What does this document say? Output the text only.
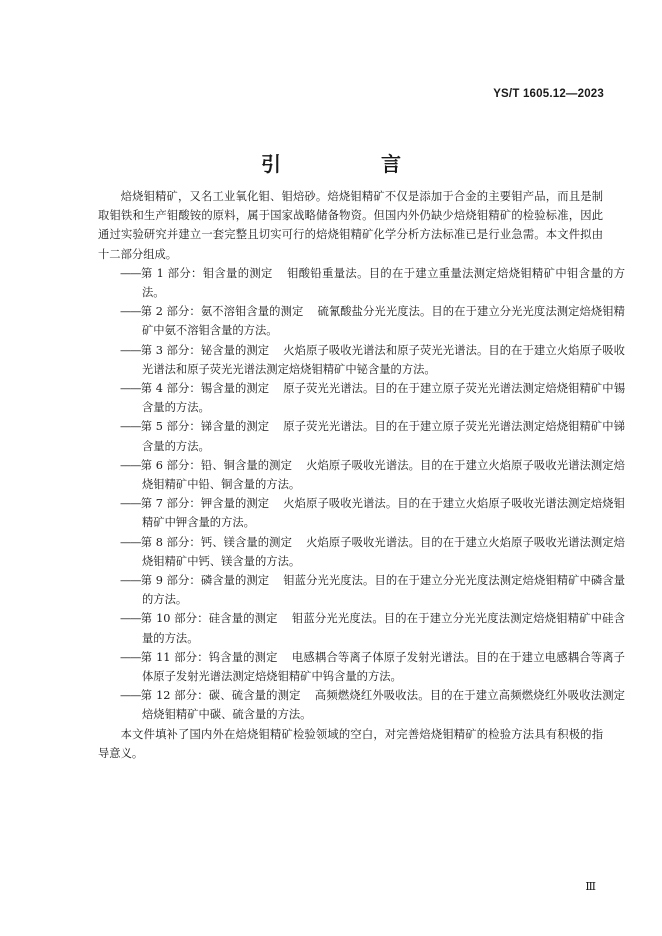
YS/T 1605.12—2023
引　言

焙烧钼精矿，又名工业氧化钼、钼焙砂。焙烧钼精矿不仅是添加于合金的主要钼产品，而且是制取钼铁和生产钼酸铵的原料，属于国家战略储备物资。但国内外仍缺少焙烧钼精矿的检验标准，因此通过实验研究并建立一套完整且切实可行的焙烧钼精矿化学分析方法标准已是行业急需。本文件拟由十二部分组成。

——第 1 部分：钼含量的测定 钼酸铅重量法。目的在于建立重量法测定焙烧钼精矿中钼含量的方法。

——第 2 部分：氨不溶钼含量的测定 硫氰酸盐分光光度法。目的在于建立分光光度法测定焙烧钼精矿中氨不溶钼含量的方法。

——第 3 部分：铋含量的测定 火焰原子吸收光谱法和原子荧光光谱法。目的在于建立火焰原子吸收光谱法和原子荧光光谱法测定焙烧钼精矿中铋含量的方法。

——第 4 部分：锡含量的测定 原子荧光光谱法。目的在于建立原子荧光光谱法测定焙烧钼精矿中锡含量的方法。

——第 5 部分：锑含量的测定 原子荧光光谱法。目的在于建立原子荧光光谱法测定焙烧钼精矿中锑含量的方法。

——第 6 部分：铅、铜含量的测定 火焰原子吸收光谱法。目的在于建立火焰原子吸收光谱法测定焙烧钼精矿中铅、铜含量的方法。

——第 7 部分：钾含量的测定 火焰原子吸收光谱法。目的在于建立火焰原子吸收光谱法测定焙烧钼精矿中钾含量的方法。

——第 8 部分：钙、镁含量的测定 火焰原子吸收光谱法。目的在于建立火焰原子吸收光谱法测定焙烧钼精矿中钙、镁含量的方法。

——第 9 部分：磷含量的测定 钼蓝分光光度法。目的在于建立分光光度法测定焙烧钼精矿中磷含量的方法。

——第 10 部分：硅含量的测定 钼蓝分光光度法。目的在于建立分光光度法测定焙烧钼精矿中硅含量的方法。

——第 11 部分：钨含量的测定 电感耦合等离子体原子发射光谱法。目的在于建立电感耦合等离子体原子发射光谱法测定焙烧钼精矿中钨含量的方法。

——第 12 部分：碳、硫含量的测定 高频燃烧红外吸收法。目的在于建立高频燃烧红外吸收法测定焙烧钼精矿中碳、硫含量的方法。

本文件填补了国内外在焙烧钼精矿检验领域的空白，对完善焙烧钼精矿的检验方法具有积极的指导意义。

Ⅲ
